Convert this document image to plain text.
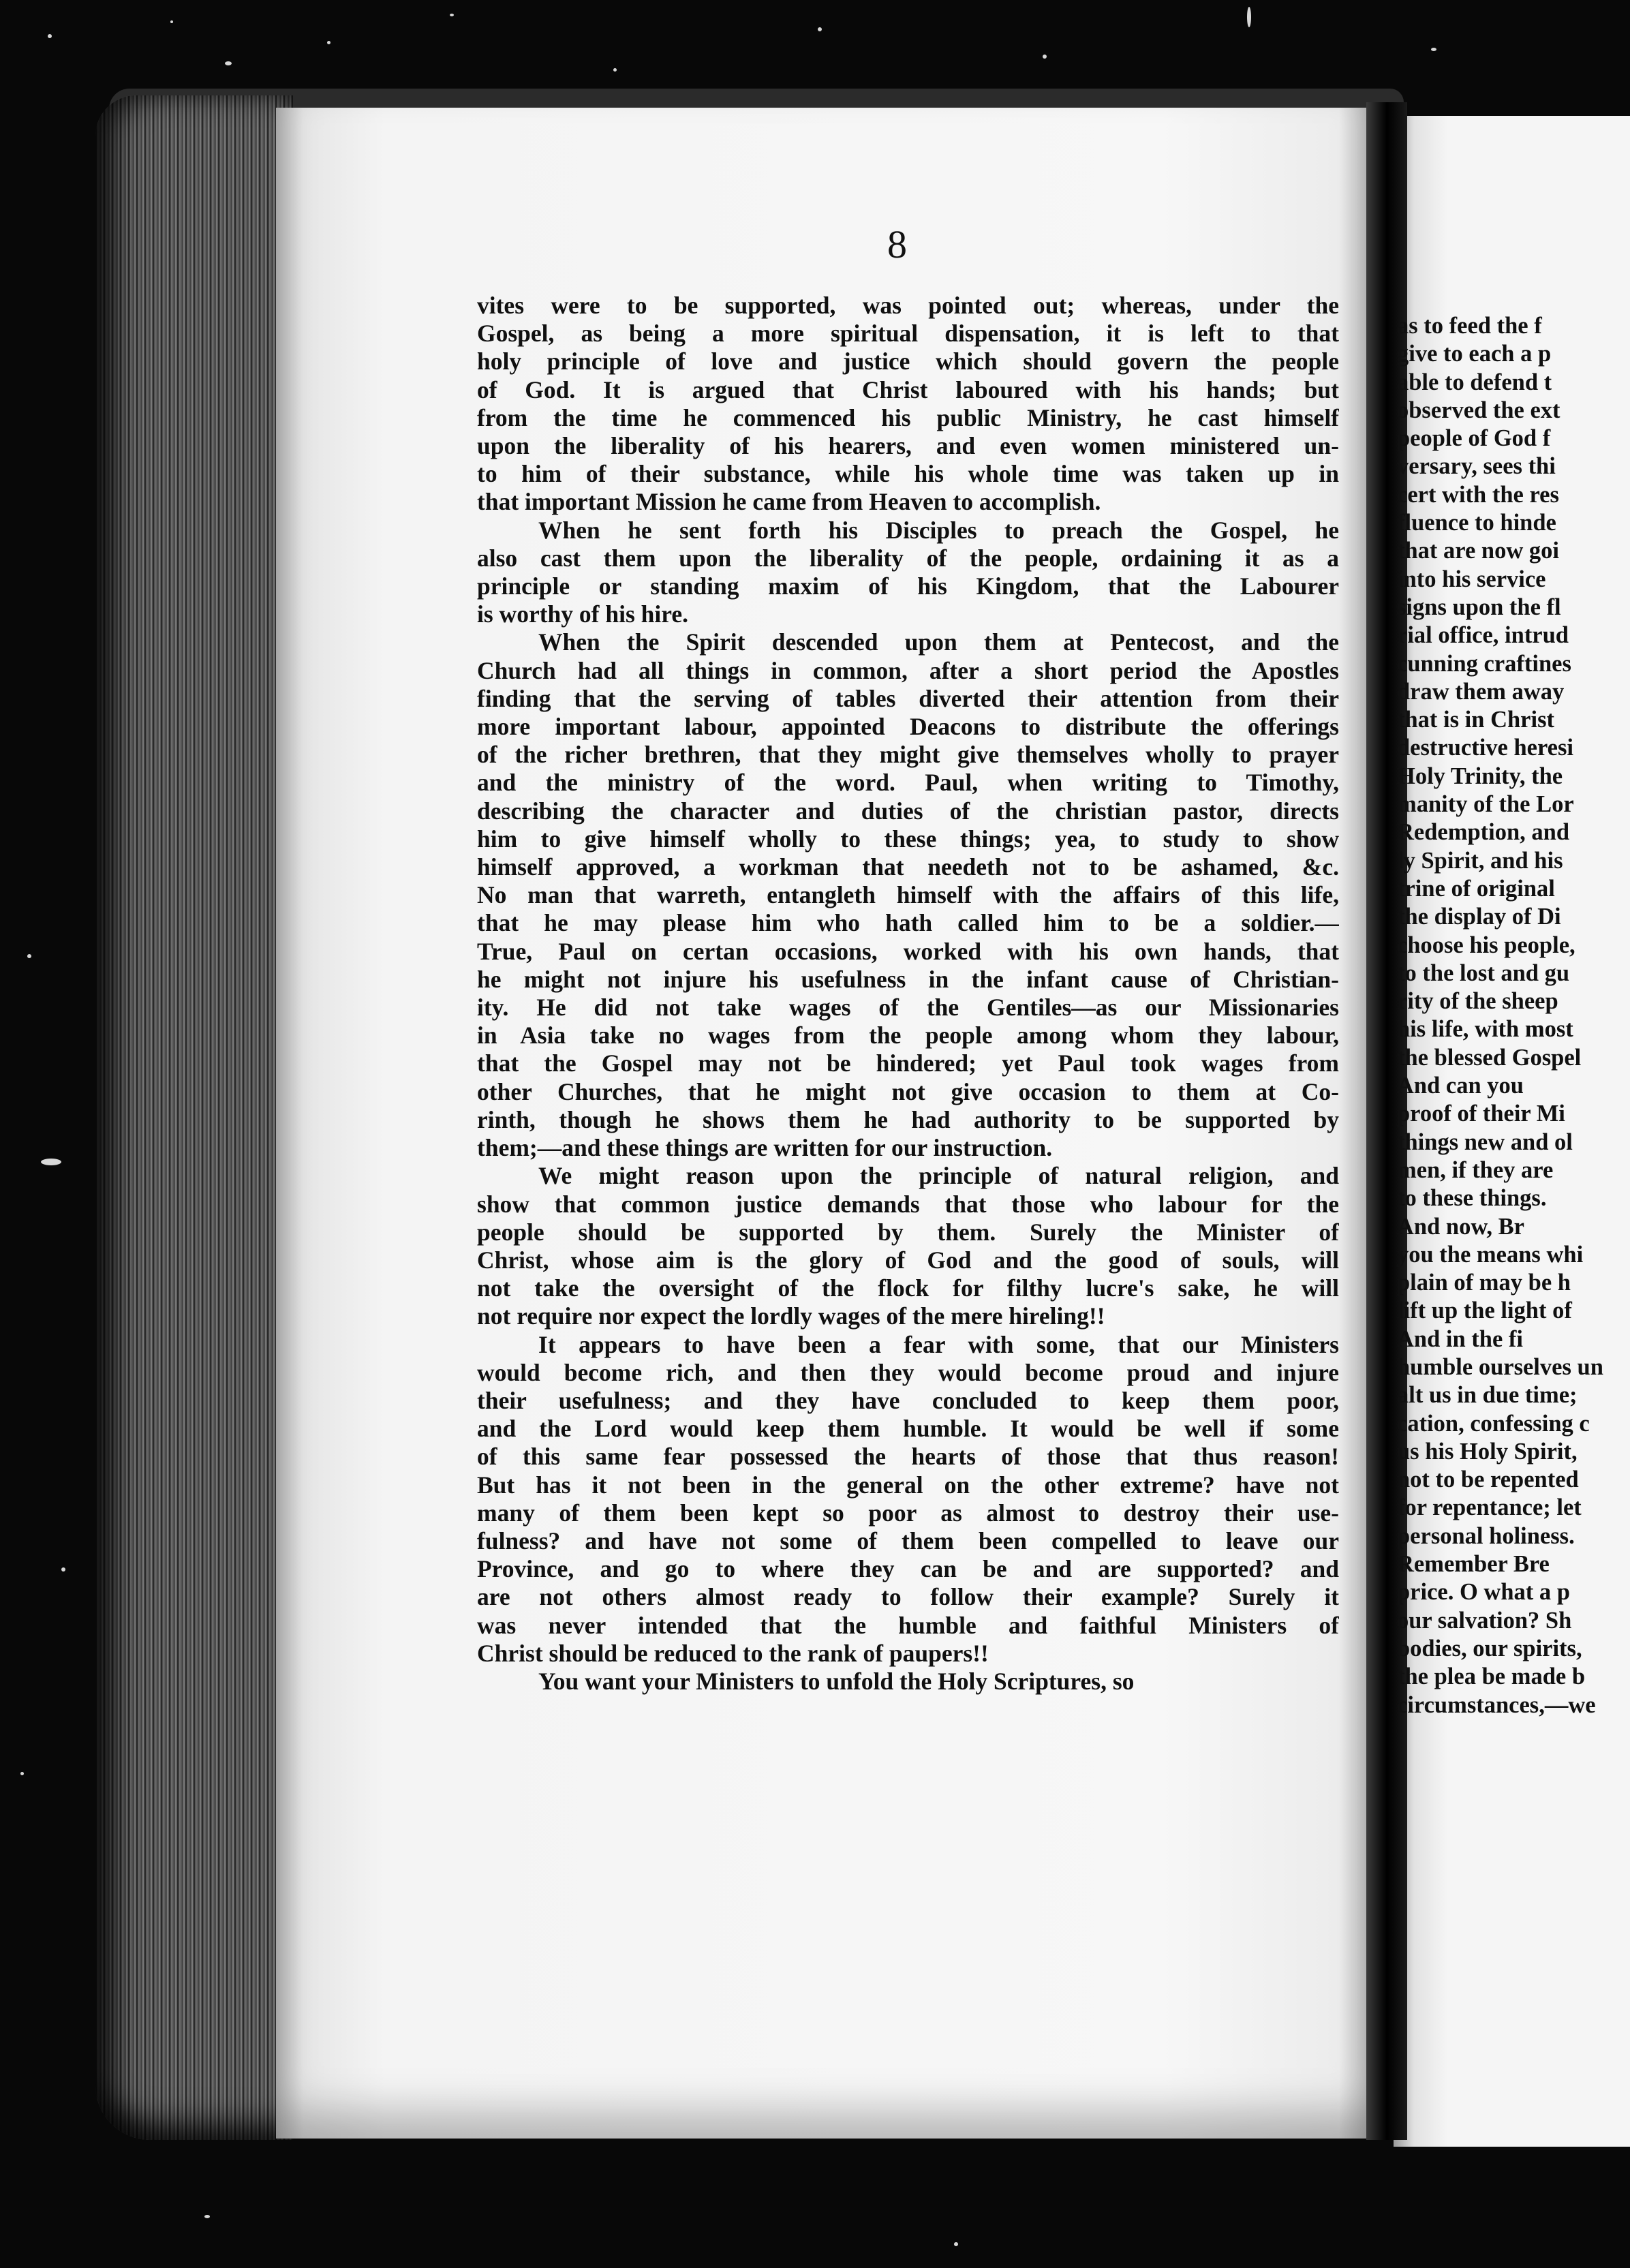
8
vites were to be supported, was pointed out; whereas, under the
Gospel, as being a more spiritual dispensation, it is left to that
holy principle of love and justice which should govern the people
of God. It is argued that Christ laboured with his hands; but
from the time he commenced his public Ministry, he cast himself
upon the liberality of his hearers, and even women ministered un-
to him of their substance, while his whole time was taken up in
that important Mission he came from Heaven to accomplish.
When he sent forth his Disciples to preach the Gospel, he
also cast them upon the liberality of the people, ordaining it as a
principle or standing maxim of his Kingdom, that the Labourer
is worthy of his hire.
When the Spirit descended upon them at Pentecost, and the
Church had all things in common, after a short period the Apostles
finding that the serving of tables diverted their attention from their
more important labour, appointed Deacons to distribute the offerings
of the richer brethren, that they might give themselves wholly to prayer
and the ministry of the word. Paul, when writing to Timothy,
describing the character and duties of the christian pastor, directs
him to give himself wholly to these things; yea, to study to show
himself approved, a workman that needeth not to be ashamed, &c.
No man that warreth, entangleth himself with the affairs of this life,
that he may please him who hath called him to be a soldier.—
True, Paul on certan occasions, worked with his own hands, that
he might not injure his usefulness in the infant cause of Christian-
ity. He did not take wages of the Gentiles—as our Missionaries
in Asia take no wages from the people among whom they labour,
that the Gospel may not be hindered; yet Paul took wages from
other Churches, that he might not give occasion to them at Co-
rinth, though he shows them he had authority to be supported by
them;—and these things are written for our instruction.
We might reason upon the principle of natural religion, and
show that common justice demands that those who labour for the
people should be supported by them. Surely the Minister of
Christ, whose aim is the glory of God and the good of souls, will
not take the oversight of the flock for filthy lucre's sake, he will
not require nor expect the lordly wages of the mere hireling!!
It appears to have been a fear with some, that our Ministers
would become rich, and then they would become proud and injure
their usefulness; and they have concluded to keep them poor,
and the Lord would keep them humble. It would be well if some
of this same fear possessed the hearts of those that thus reason!
But has it not been in the general on the other extreme? have not
many of them been kept so poor as almost to destroy their use-
fulness? and have not some of them been compelled to leave our
Province, and go to where they can be and are supported? and
are not others almost ready to follow their example? Surely it
was never intended that the humble and faithful Ministers of
Christ should be reduced to the rank of paupers!!
You want your Ministers to unfold the Holy Scriptures, so
as to feed the f
give to each a p
able to defend t
observed the ext
people of God f
versary, sees thi
cert with the res
fluence to hinde
that are now goi
into his service
signs upon the fl
rial office, intrud
cunning craftines
draw them away
that is in Christ
destructive heresi
Holy Trinity, the
manity of the Lor
Redemption, and
ly Spirit, and his
trine of original
the display of Di
choose his people,
to the lost and gu
rity of the sheep
his life, with most
the blessed Gospel
And can you
proof of their Mi
things new and ol
men, if they are
to these things.
And now, Br
you the means whi
plain of may be h
lift up the light of
And in the fi
humble ourselves un
alt us in due time;
cation, confessing c
us his Holy Spirit,
not to be repented
for repentance; let
personal holiness.
Remember Bre
price. O what a p
our salvation? Sh
bodies, our spirits,
the plea be made b
circumstances,—we
